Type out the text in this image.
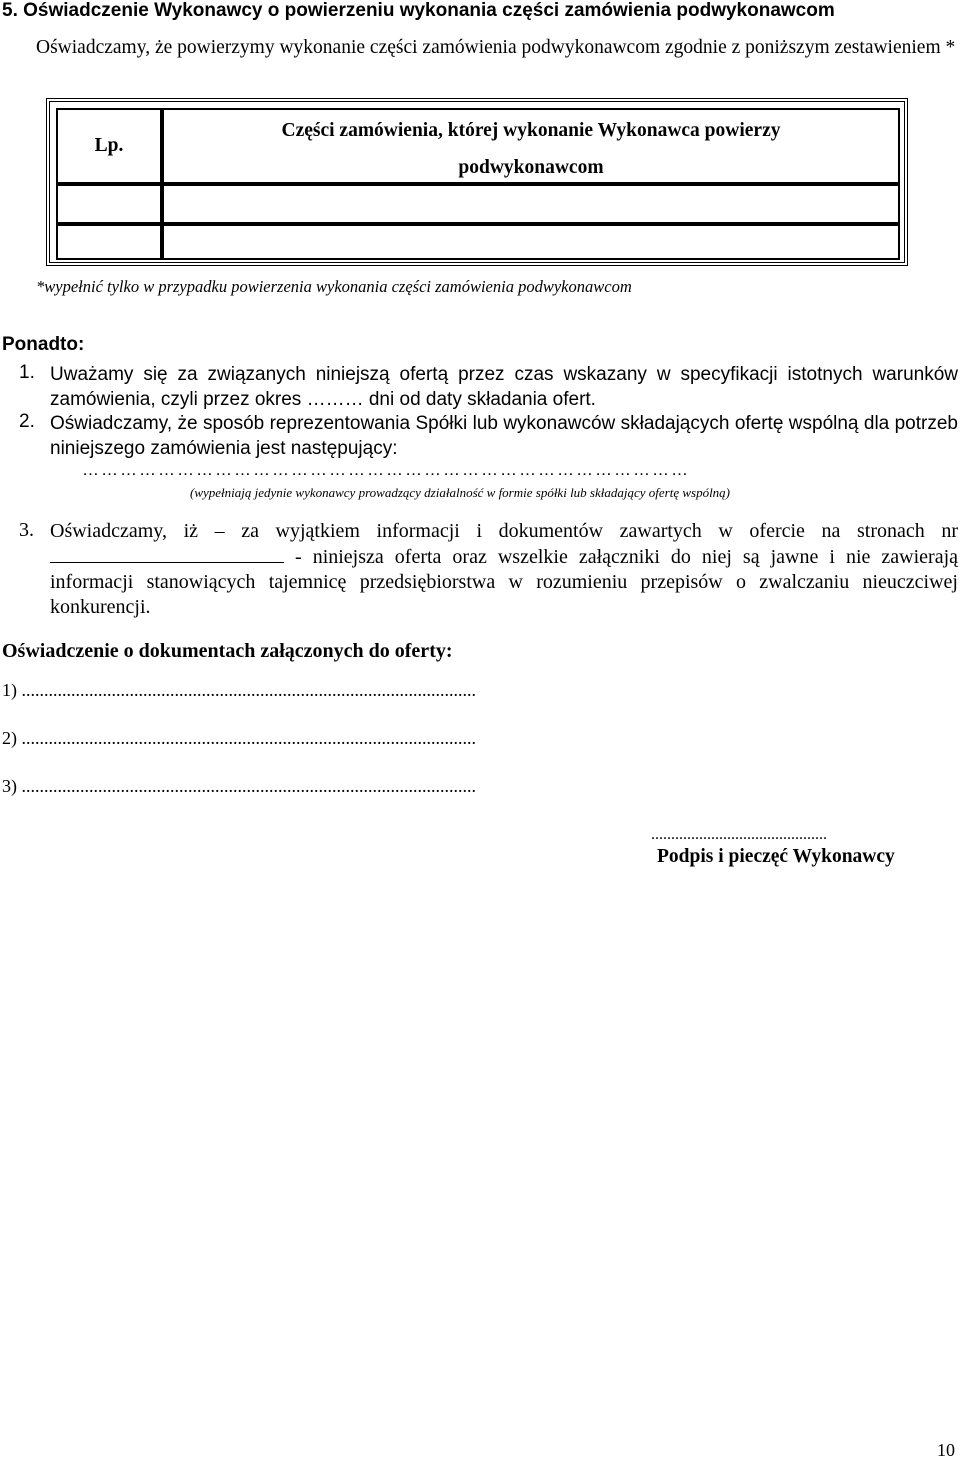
5. Oświadczenie Wykonawcy o powierzeniu wykonania części zamówienia podwykonawcom
Oświadczamy, że powierzymy wykonanie części zamówienia podwykonawcom zgodnie z poniższym zestawieniem *
Lp.
Części zamówienia, której wykonanie Wykonawca powierzy
podwykonawcom
*wypełnić tylko w przypadku powierzenia wykonania części zamówienia podwykonawcom
Ponadto:
1. Uważamy się za związanych niniejszą ofertą przez czas wskazany w specyfikacji istotnych warunków zamówienia, czyli przez okres ……… dni od daty składania ofert.
2. Oświadczamy, że sposób reprezentowania Spółki lub wykonawców składających ofertę wspólną dla potrzeb niniejszego zamówienia jest następujący:
……………………………………………………………………………………
(wypełniają jedynie wykonawcy prowadzący działalność w formie spółki lub składający ofertę wspólną)
3. Oświadczamy, iż – za wyjątkiem informacji i dokumentów zawartych w ofercie na stronach nr  - niniejsza oferta oraz wszelkie załączniki do niej są jawne i nie zawierają informacji stanowiących tajemnicę przedsiębiorstwa w rozumieniu przepisów o zwalczaniu nieuczciwej konkurencji.
Oświadczenie o dokumentach załączonych do oferty:
1) .....................................................................................................
2) .....................................................................................................
3) .....................................................................................................
............................................
Podpis i pieczęć Wykonawcy
10
